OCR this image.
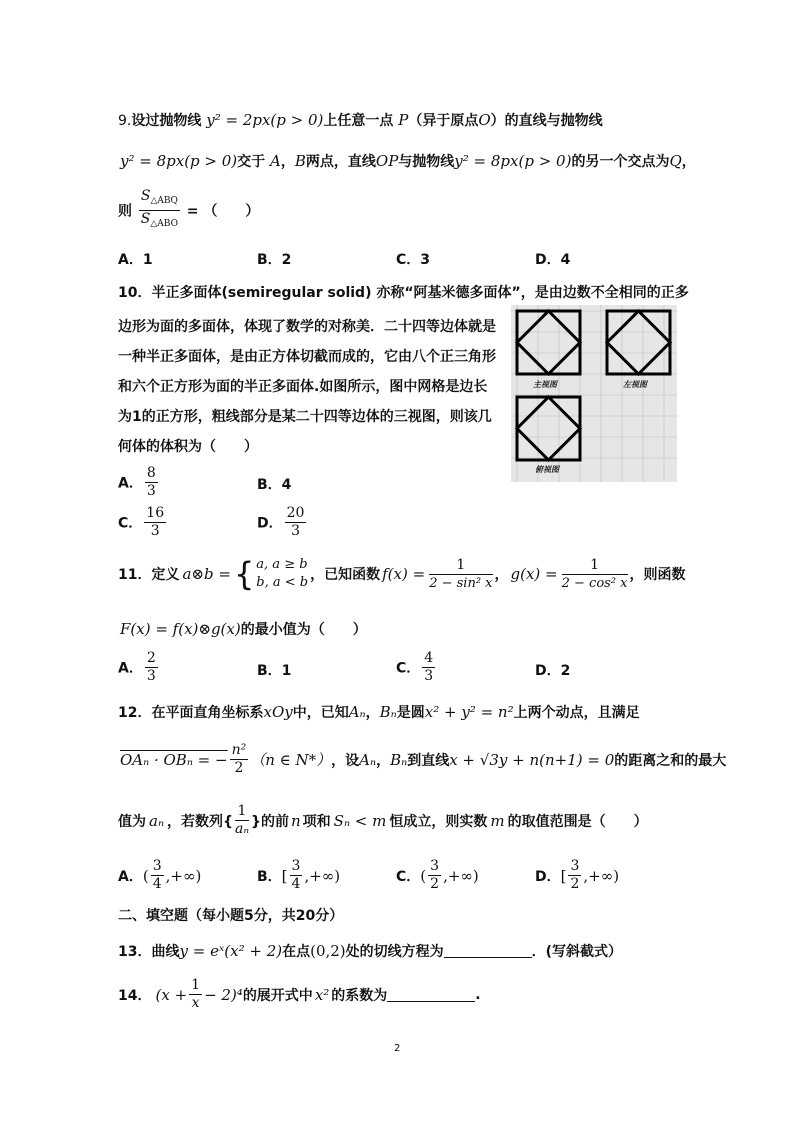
9.设过抛物线 y² = 2px(p > 0)上任意一点 P（异于原点O）的直线与抛物线
y² = 8px(p > 0)交于 A，B两点，直线OP与抛物线y² = 8px(p > 0)的另一个交点为Q，
则 $\frac{S_{\triangle ABQ}}{S_{\triangle ABO}}$ = （　　）
A．1	B．2	C．3	D．4
10．半正多面体(semiregular solid) 亦称“阿基米德多面体”，是由边数不全相同的正多
边形为面的多面体，体现了数学的对称美．二十四等边体就是
一种半正多面体，是由正方体切截而成的，它由八个正三角形
和六个正方形为面的半正多面体.如图所示，图中网格是边长
为1的正方形，粗线部分是某二十四等边体的三视图，则该几
何体的体积为（　　）
主视图	左视图
俯视图
A． $\frac{8}{3}$	B．4
C． $\frac{16}{3}$	D． $\frac{20}{3}$
11． 定义 a⊗b = { a, a ≥ b
b, a < b ，已知函数 $f(x) = \frac{1}{\text{2 − sin² x}}$ ， $g(x) = \frac{1}{\text{2 − cos² x}}$ ，则函数
F(x) = f(x)⊗g(x)的最小值为（　　）
A． $\frac{2}{3}$	B．1	C． $\frac{4}{3}$	D．2
12．在平面直角坐标系xOy中，已知Aₙ，Bₙ是圆x² + y² = n²上两个动点，且满足
OAₙ · OBₙ = − $\frac{\text{n²}}{2} (n$ ∈ N*） ，设 Aₙ ， Bₙ 到直线 x + √3y + n(n+1) = 0 的距离之和的最大
值为 aₙ ，若数列{ $\frac{1}{\text{aₙ}}$ }的前 n 项和 Sₙ < m 恒成立，则实数 m 的取值范围是（　　）
A． ( $\frac{3}{4}$ ,+∞)	B． [ $\frac{3}{4}$ ,+∞)	C． ( $\frac{3}{2}$ ,+∞)	D． [ $\frac{3}{2}$ ,+∞)
二、填空题（每小题5分，共20分）
13．曲线y = eˣ(x² + 2)在点(0,2)处的切线方程为	．(写斜截式）
14． $(x + \frac{1}{x} - 2)^4$ 的展开式中 x² 的系数为	.
2
